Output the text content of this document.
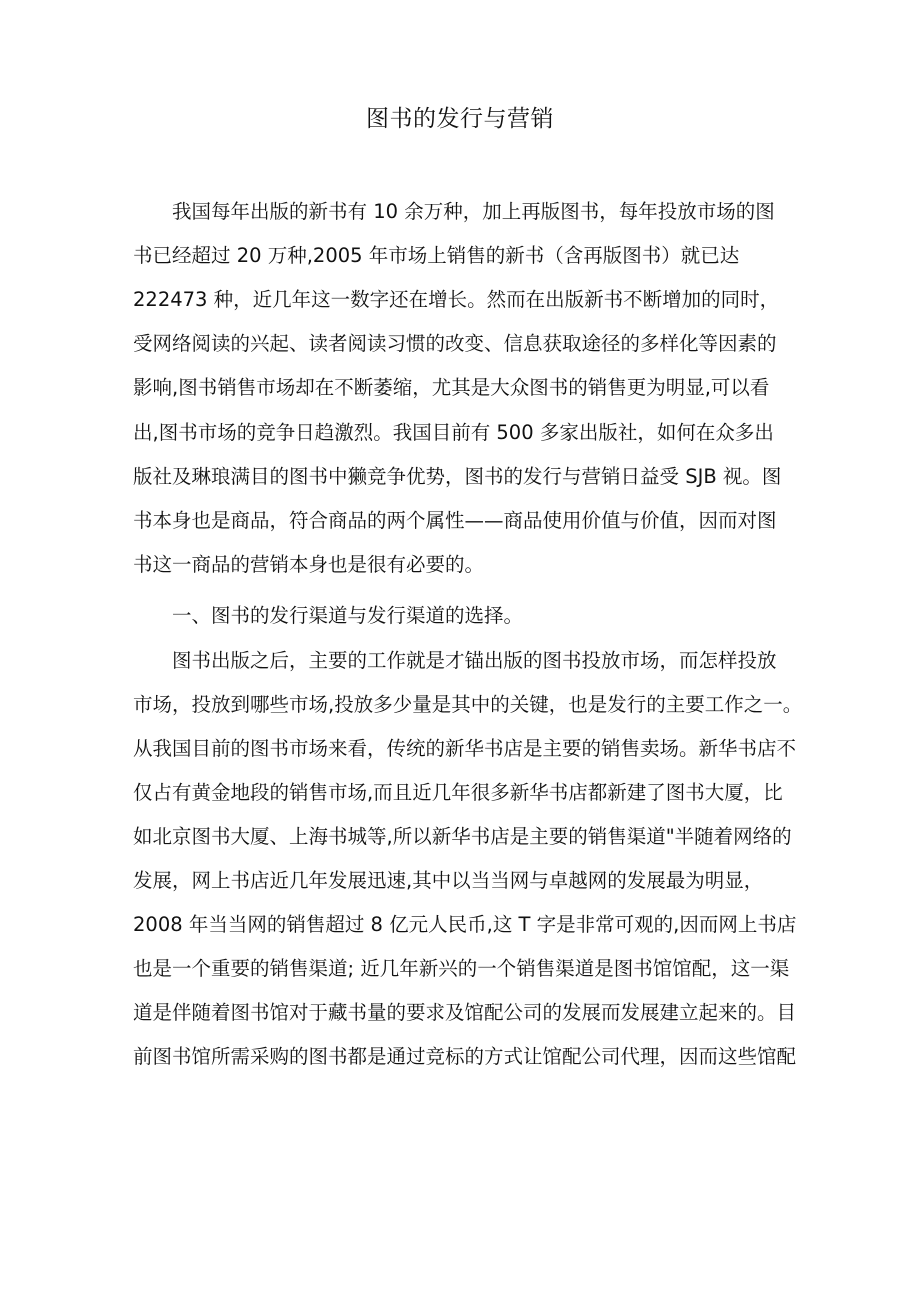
图书的发行与营销
　　我国每年出版的新书有 10 余万种，加上再版图书，每年投放市场的图
书已经超过 20 万种,2005 年市场上销售的新书（含再版图书）就已达
222473 种，近几年这一数字还在增长。然而在出版新书不断增加的同时，
受网络阅读的兴起、读者阅读习惯的改变、信息获取途径的多样化等因素的
影响,图书销售市场却在不断萎缩，尤其是大众图书的销售更为明显,可以看
出,图书市场的竞争日趋激烈。我国目前有 500 多家出版社，如何在众多出
版社及琳琅满目的图书中獭竞争优势，图书的发行与营销日益受 SJB 视。图
书本身也是商品，符合商品的两个属性——商品使用价值与价值，因而对图
书这一商品的营销本身也是很有必要的。
　　一、图书的发行渠道与发行渠道的选择。
　　图书出版之后，主要的工作就是才锚出版的图书投放市场，而怎样投放
市场，投放到哪些市场,投放多少量是其中的关键，也是发行的主要工作之一。
从我国目前的图书市场来看，传统的新华书店是主要的销售卖场。新华书店不
仅占有黄金地段的销售市场,而且近几年很多新华书店都新建了图书大厦，比
如北京图书大厦、上海书城等,所以新华书店是主要的销售渠道"半随着网络的
发展，网上书店近几年发展迅速,其中以当当网与卓越网的发展最为明显，
2008 年当当网的销售超过 8 亿元人民币,这 T 字是非常可观的,因而网上书店
也是一个重要的销售渠道; 近几年新兴的一个销售渠道是图书馆馆配，这一渠
道是伴随着图书馆对于藏书量的要求及馆配公司的发展而发展建立起来的。目
前图书馆所需采购的图书都是通过竞标的方式让馆配公司代理，因而这些馆配
